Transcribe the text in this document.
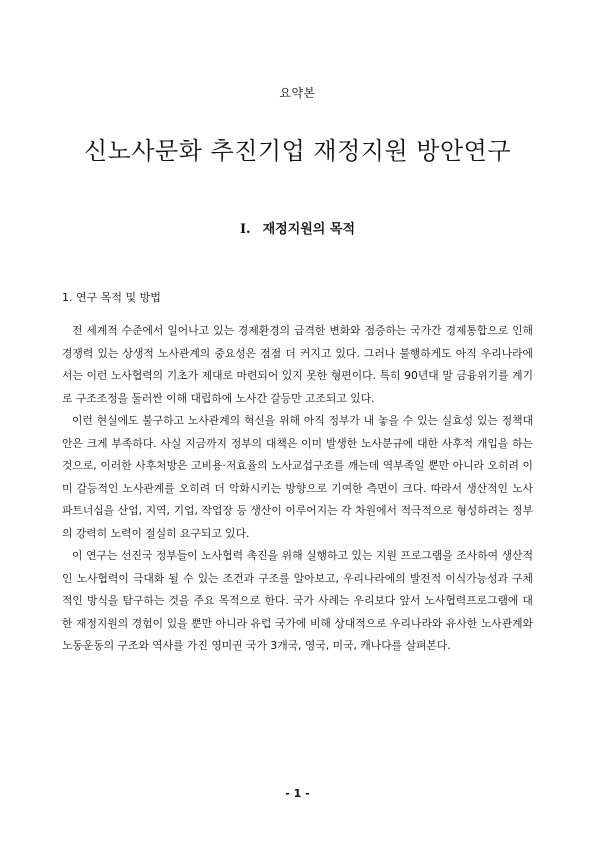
요약본
신노사문화 추진기업 재정지원 방안연구
I. 재정지원의 목적
1. 연구 목적 및 방법

전 세계적 수준에서 일어나고 있는 경제환경의 급격한 변화와 점증하는 국가간 경제통합으로 인해 경쟁력 있는 상생적 노사관계의 중요성은 점점 더 커지고 있다. 그러나 불행하게도 아직 우리나라에서는 이런 노사협력의 기초가 제대로 마련되어 있지 못한 형편이다. 특히 90년대 말 금융위기를 계기로 구조조정을 둘러싼 이해 대립하에 노사간 갈등만 고조되고 있다.

이런 현실에도 불구하고 노사관계의 혁신을 위해 아직 정부가 내 놓을 수 있는 실효성 있는 정책대안은 크게 부족하다. 사실 지금까지 정부의 대책은 이미 발생한 노사분규에 대한 사후적 개입을 하는 것으로, 이러한 사후처방은 고비용·저효율의 노사교섭구조를 깨는데 역부족일 뿐만 아니라 오히려 이미 갈등적인 노사관계를 오히려 더 악화시키는 방향으로 기여한 측면이 크다. 따라서 생산적인 노사파트너십을 산업, 지역, 기업, 작업장 등 생산이 이루어지는 각 차원에서 적극적으로 형성하려는 정부의 강력히 노력이 절실히 요구되고 있다.

이 연구는 선진국 정부들이 노사협력 촉진을 위해 실행하고 있는 지원 프로그램을 조사하여 생산적인 노사협력이 극대화 될 수 있는 조건과 구조를 알아보고, 우리나라에의 발전적 이식가능성과 구체적인 방식을 탐구하는 것을 주요 목적으로 한다. 국가 사례는 우리보다 앞서 노사협력프로그램에 대한 재정지원의 경험이 있을 뿐만 아니라 유럽 국가에 비해 상대적으로 우리나라와 유사한 노사관계와 노동운동의 구조와 역사를 가진 영미권 국가 3개국, 영국, 미국, 캐나다를 살펴본다.

- 1 -
